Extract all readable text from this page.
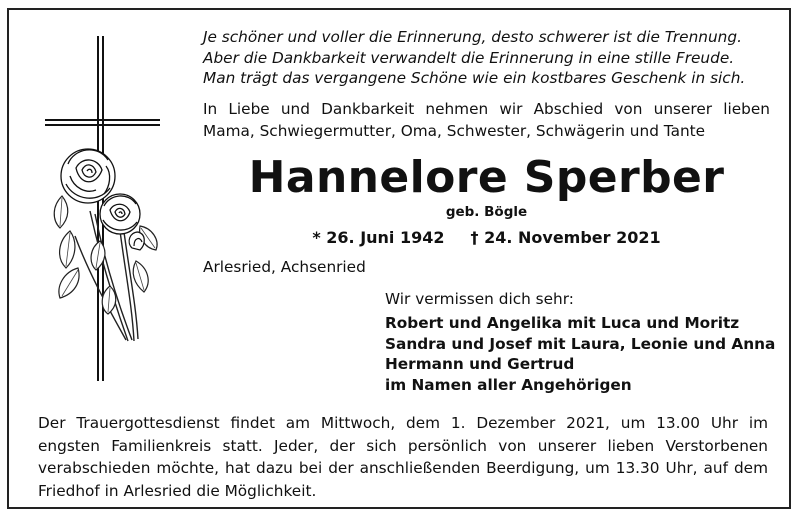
Je schöner und voller die Erinnerung, desto schwerer ist die Trennung.
Aber die Dankbarkeit verwandelt die Erinnerung in eine stille Freude.
Man trägt das vergangene Schöne wie ein kostbares Geschenk in sich.
In Liebe und Dankbarkeit nehmen wir Abschied von unserer lieben
Mama, Schwiegermutter, Oma, Schwester, Schwägerin und Tante
Hannelore Sperber
geb. Bögle
* 26. Juni 1942 † 24. November 2021
Arlesried, Achsenried
Wir vermissen dich sehr:
Robert und Angelika mit Luca und Moritz
Sandra und Josef mit Laura, Leonie und Anna
Hermann und Gertrud
im Namen aller Angehörigen
Der Trauergottesdienst findet am Mittwoch, dem 1. Dezember 2021, um 13.00 Uhr im
engsten Familienkreis statt. Jeder, der sich persönlich von unserer lieben Verstorbenen
verabschieden möchte, hat dazu bei der anschließenden Beerdigung, um 13.30 Uhr, auf dem
Friedhof in Arlesried die Möglichkeit.
